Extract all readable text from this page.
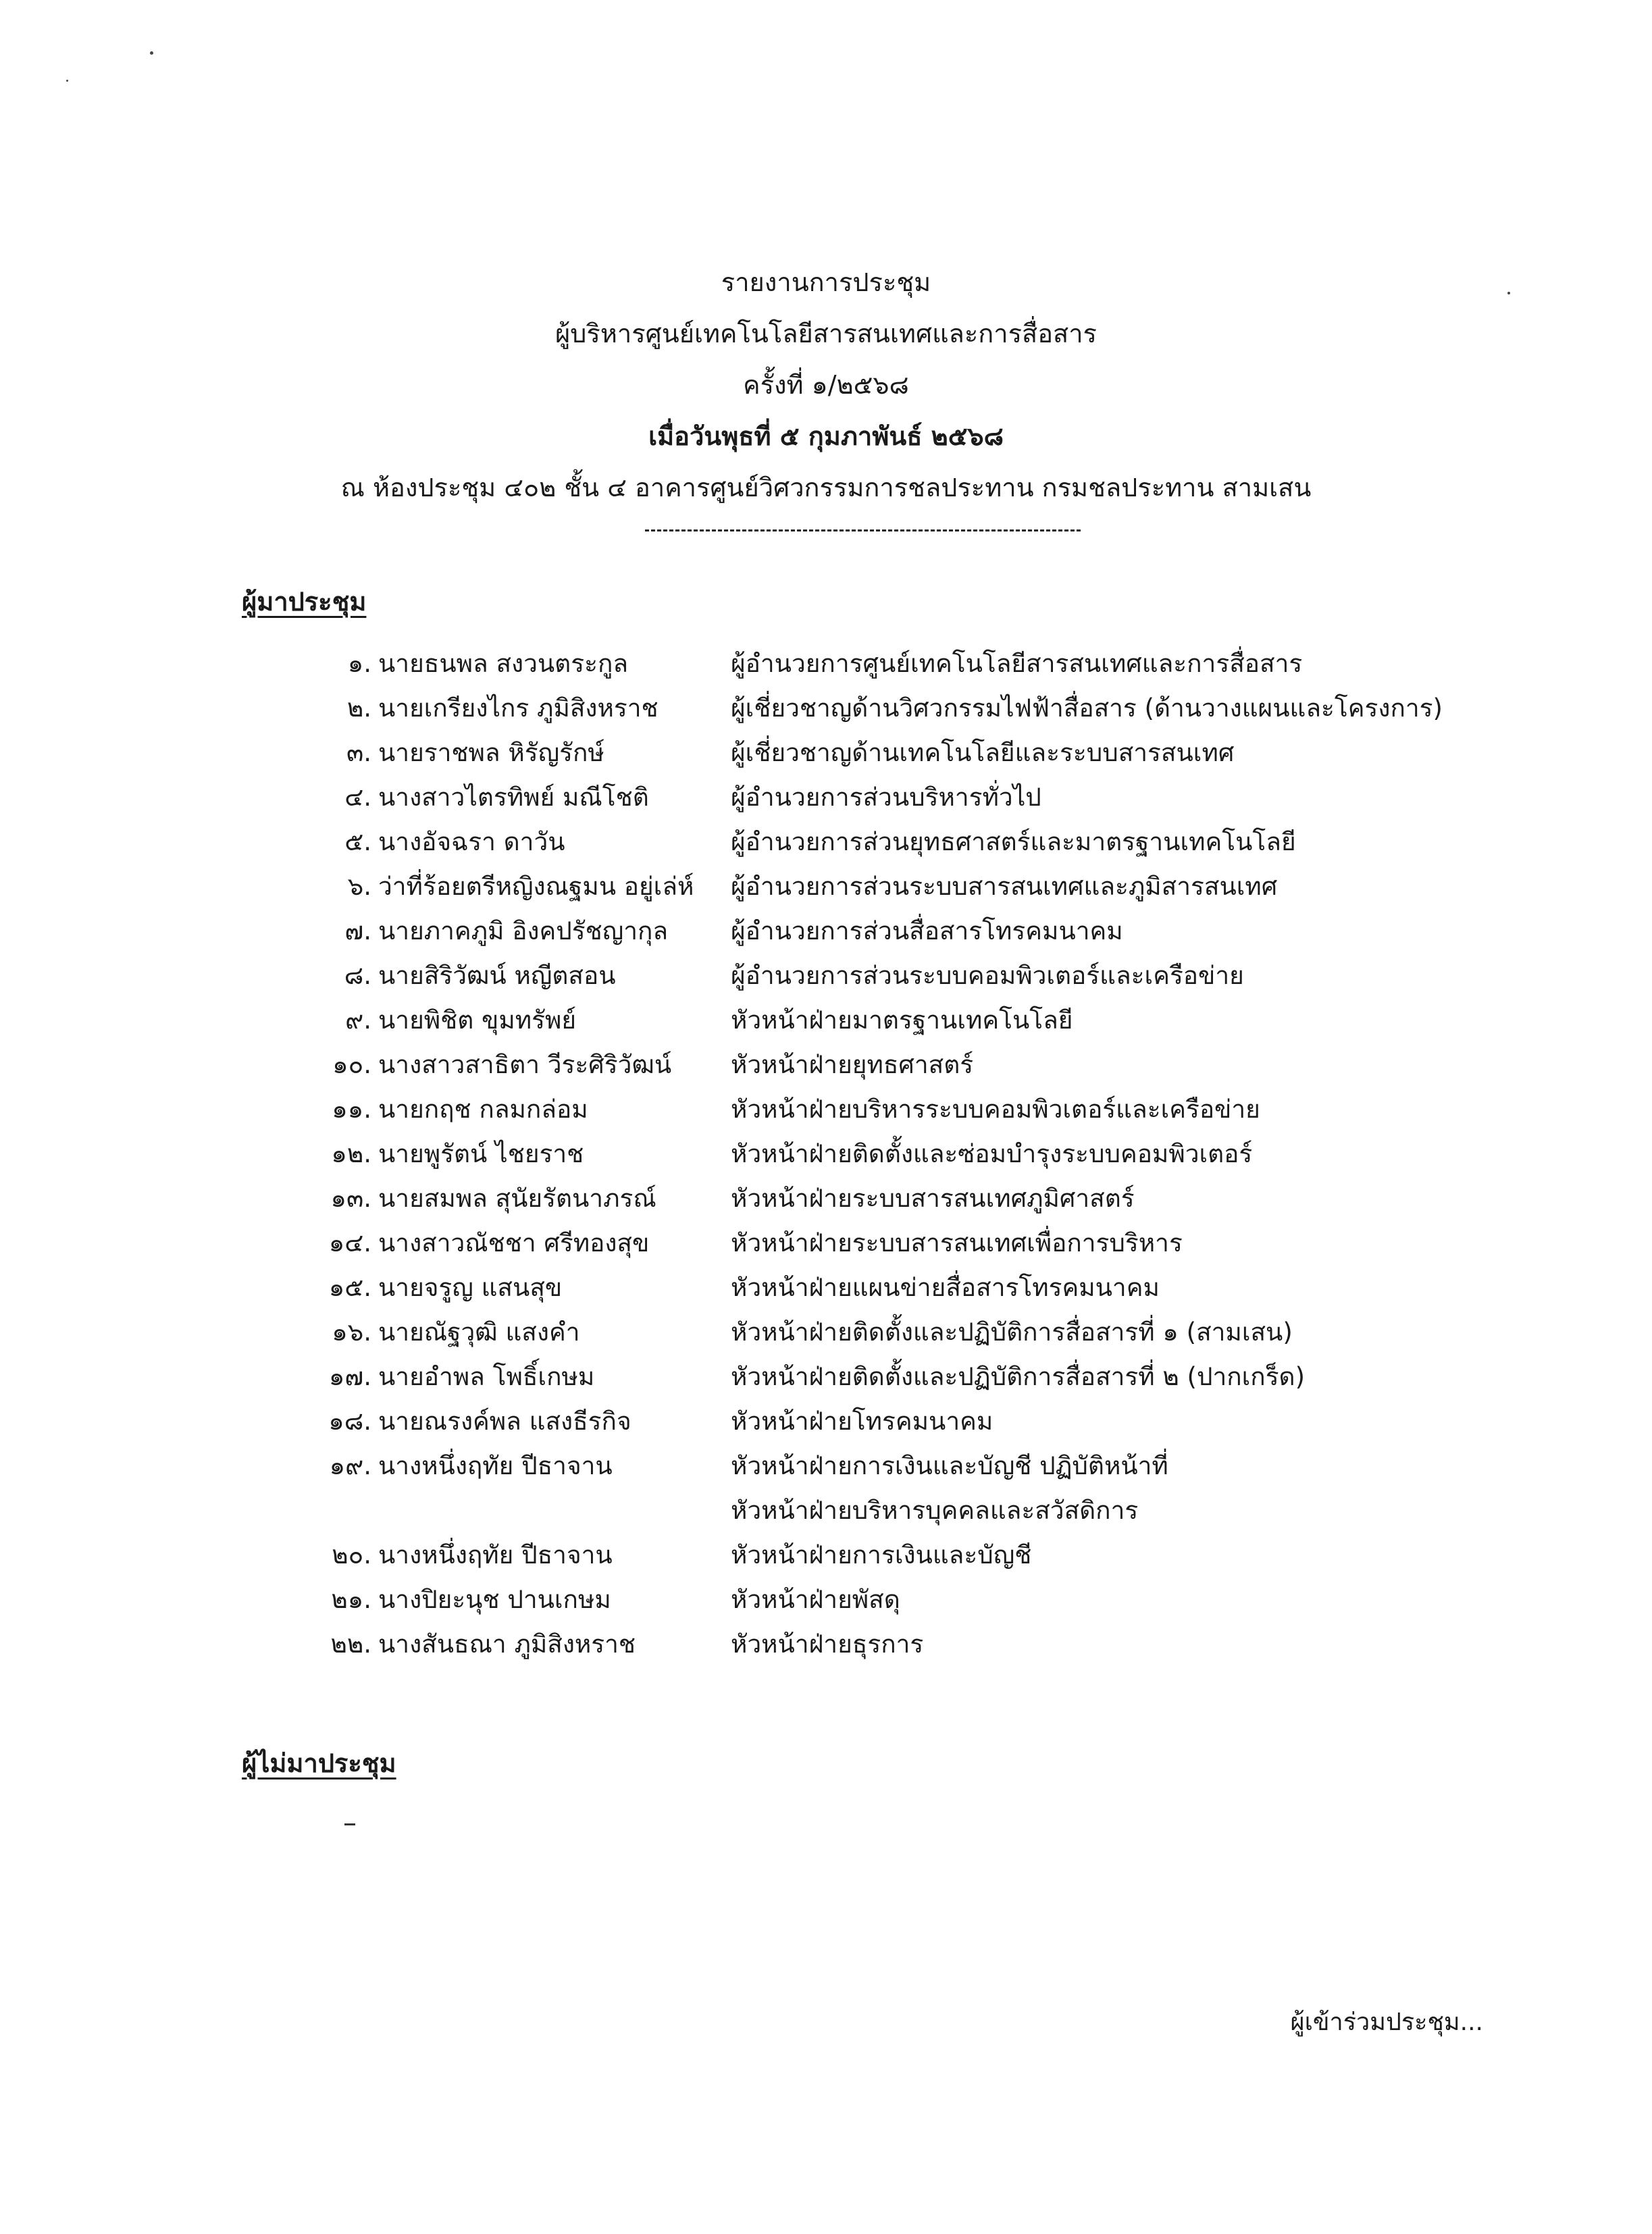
รายงานการประชุม
ผู้บริหารศูนย์เทคโนโลยีสารสนเทศและการสื่อสาร
ครั้งที่ ๑/๒๕๖๘
เมื่อวันพุธที่ ๕ กุมภาพันธ์ ๒๕๖๘
ณ ห้องประชุม ๔๐๒ ชั้น ๔ อาคารศูนย์วิศวกรรมการชลประทาน กรมชลประทาน สามเสน
ผู้มาประชุม
๑. นายธนพล สงวนตระกูล	ผู้อำนวยการศูนย์เทคโนโลยีสารสนเทศและการสื่อสาร
๒. นายเกรียงไกร ภูมิสิงหราช	ผู้เชี่ยวชาญด้านวิศวกรรมไฟฟ้าสื่อสาร (ด้านวางแผนและโครงการ)
๓. นายราชพล หิรัญรักษ์	ผู้เชี่ยวชาญด้านเทคโนโลยีและระบบสารสนเทศ
๔. นางสาวไตรทิพย์ มณีโชติ	ผู้อำนวยการส่วนบริหารทั่วไป
๕. นางอัจฉรา ดาวัน	ผู้อำนวยการส่วนยุทธศาสตร์และมาตรฐานเทคโนโลยี
๖. ว่าที่ร้อยตรีหญิงณฐมน อยู่เล่ห์ ผู้อำนวยการส่วนระบบสารสนเทศและภูมิสารสนเทศ
๗. นายภาคภูมิ อิงคปรัชญากุล	ผู้อำนวยการส่วนสื่อสารโทรคมนาคม
๘. นายสิริวัฒน์ หญีตสอน	ผู้อำนวยการส่วนระบบคอมพิวเตอร์และเครือข่าย
๙. นายพิชิต ขุมทรัพย์	หัวหน้าฝ่ายมาตรฐานเทคโนโลยี
๑๐. นางสาวสาธิตา วีระศิริวัฒน์ หัวหน้าฝ่ายยุทธศาสตร์
๑๑. นายกฤช กลมกล่อม	หัวหน้าฝ่ายบริหารระบบคอมพิวเตอร์และเครือข่าย
๑๒. นายพูรัตน์ ไชยราช	หัวหน้าฝ่ายติดตั้งและซ่อมบำรุงระบบคอมพิวเตอร์
๑๓. นายสมพล สุนัยรัตนาภรณ์	หัวหน้าฝ่ายระบบสารสนเทศภูมิศาสตร์
๑๔. นางสาวณัชชา ศรีทองสุข	หัวหน้าฝ่ายระบบสารสนเทศเพื่อการบริหาร
๑๕. นายจรูญ แสนสุข	หัวหน้าฝ่ายแผนข่ายสื่อสารโทรคมนาคม
๑๖. นายณัฐวุฒิ แสงคำ	หัวหน้าฝ่ายติดตั้งและปฏิบัติการสื่อสารที่ ๑ (สามเสน)
๑๗. นายอำพล โพธิ์เกษม	หัวหน้าฝ่ายติดตั้งและปฏิบัติการสื่อสารที่ ๒ (ปากเกร็ด)
๑๘. นายณรงค์พล แสงธีรกิจ	หัวหน้าฝ่ายโทรคมนาคม
๑๙. นางหนึ่งฤทัย ปีธาจาน	หัวหน้าฝ่ายการเงินและบัญชี ปฏิบัติหน้าที่
หัวหน้าฝ่ายบริหารบุคคลและสวัสดิการ
๒๐. นางหนึ่งฤทัย ปีธาจาน	หัวหน้าฝ่ายการเงินและบัญชี
๒๑. นางปิยะนุช ปานเกษม	หัวหน้าฝ่ายพัสดุ
๒๒. นางสันธณา ภูมิสิงหราช	หัวหน้าฝ่ายธุรการ
ผู้ไม่มาประชุม
ผู้เข้าร่วมประชุม...
